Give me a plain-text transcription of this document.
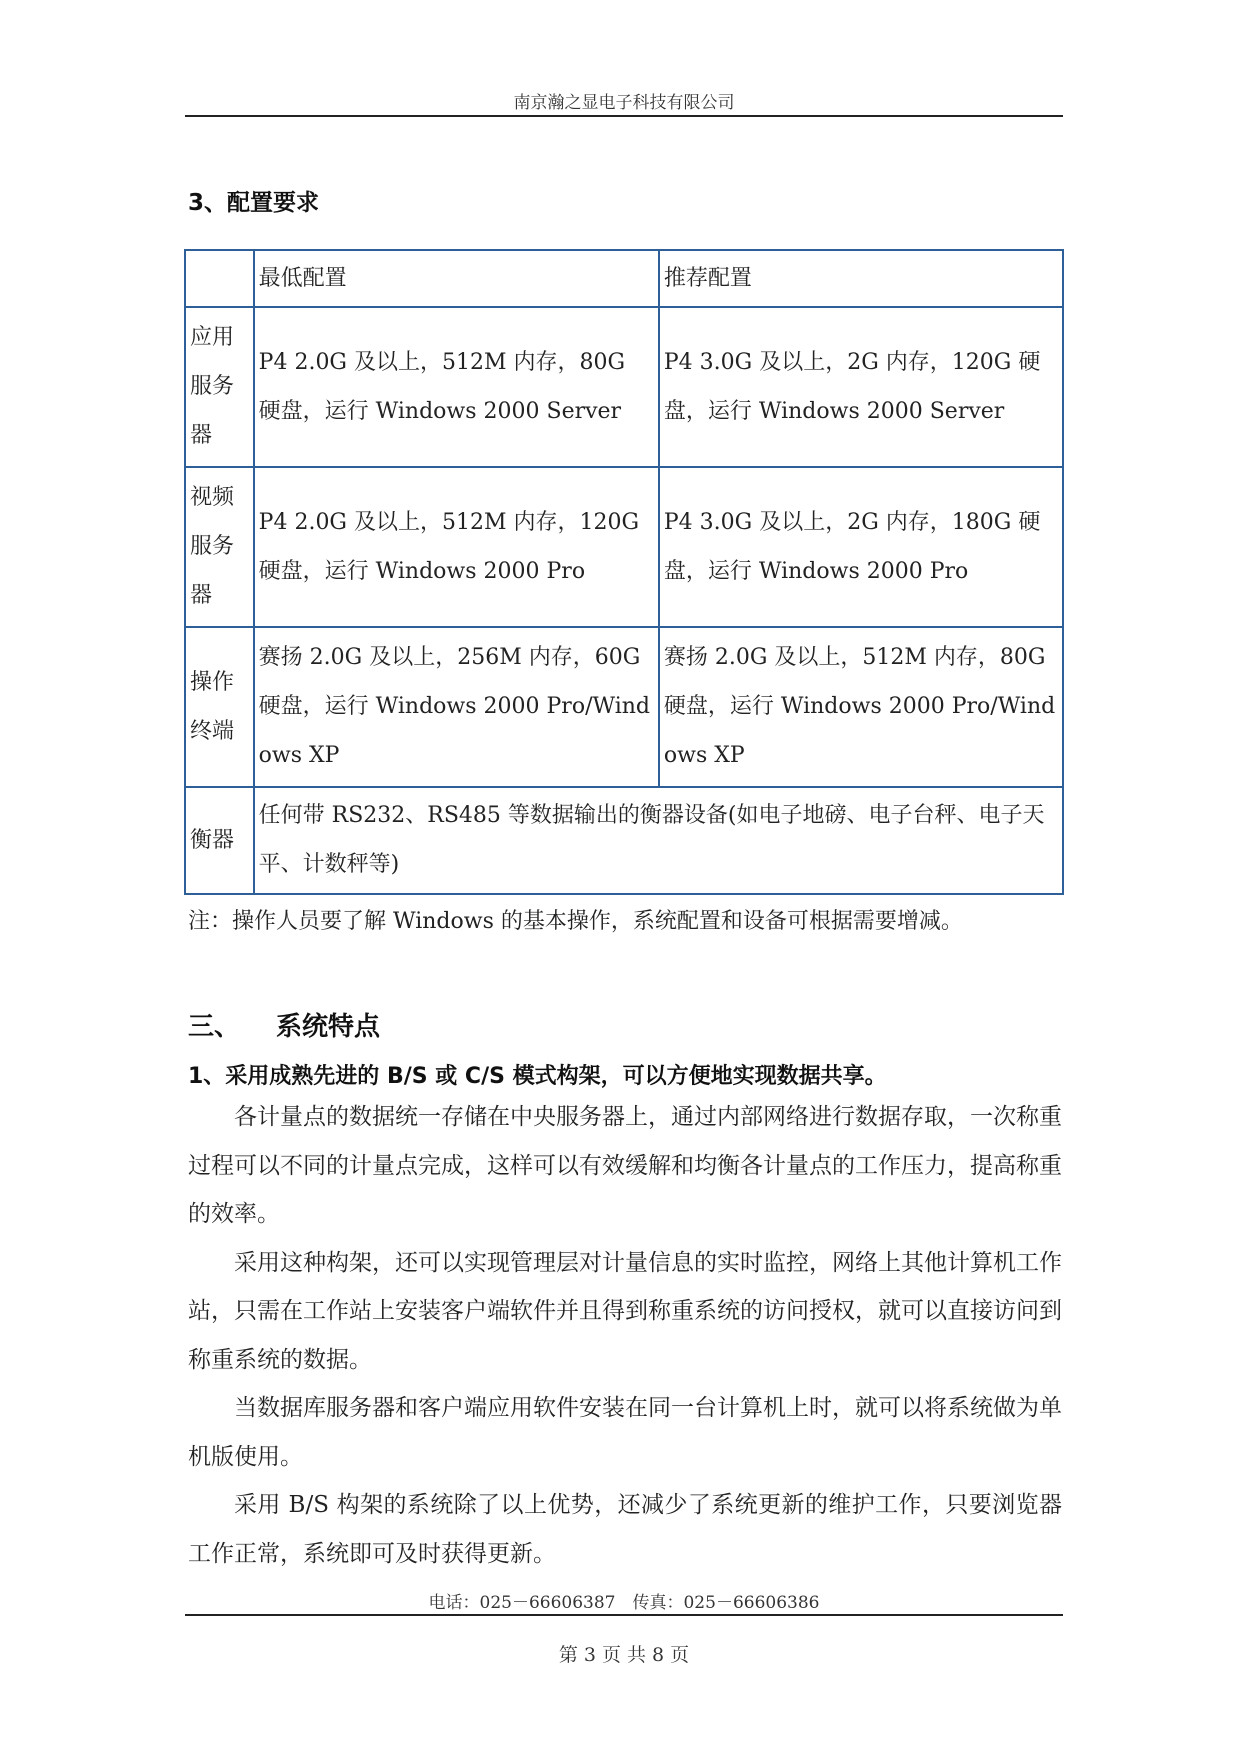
南京瀚之显电子科技有限公司
3、配置要求
	最低配置	推荐配置
应用服务器	P4 2.0G 及以上，512M 内存，80G 硬盘，运行 Windows 2000 Server	P4 3.0G 及以上，2G 内存，120G 硬盘，运行 Windows 2000 Server
视频服务器	P4 2.0G 及以上，512M 内存，120G 硬盘，运行 Windows 2000 Pro	P4 3.0G 及以上，2G 内存，180G 硬盘，运行 Windows 2000 Pro
操作终端	赛扬 2.0G 及以上，256M 内存，60G 硬盘，运行 Windows 2000 Pro/Windows XP	赛扬 2.0G 及以上，512M 内存，80G 硬盘，运行 Windows 2000 Pro/Windows XP
衡器	任何带 RS232、RS485 等数据输出的衡器设备(如电子地磅、电子台秤、电子天平、计数秤等)	
注：操作人员要了解 Windows 的基本操作，系统配置和设备可根据需要增减。
三、 系统特点
1、采用成熟先进的 B/S 或 C/S 模式构架，可以方便地实现数据共享。

各计量点的数据统一存储在中央服务器上，通过内部网络进行数据存取，一次称重过程可以不同的计量点完成，这样可以有效缓解和均衡各计量点的工作压力，提高称重的效率。

采用这种构架，还可以实现管理层对计量信息的实时监控，网络上其他计算机工作站，只需在工作站上安装客户端软件并且得到称重系统的访问授权，就可以直接访问到称重系统的数据。

当数据库服务器和客户端应用软件安装在同一台计算机上时，就可以将系统做为单机版使用。

采用 B/S 构架的系统除了以上优势，还减少了系统更新的维护工作，只要浏览器工作正常，系统即可及时获得更新。

电话：025－66606387　传真：025－66606386
第 3 页 共 8 页
